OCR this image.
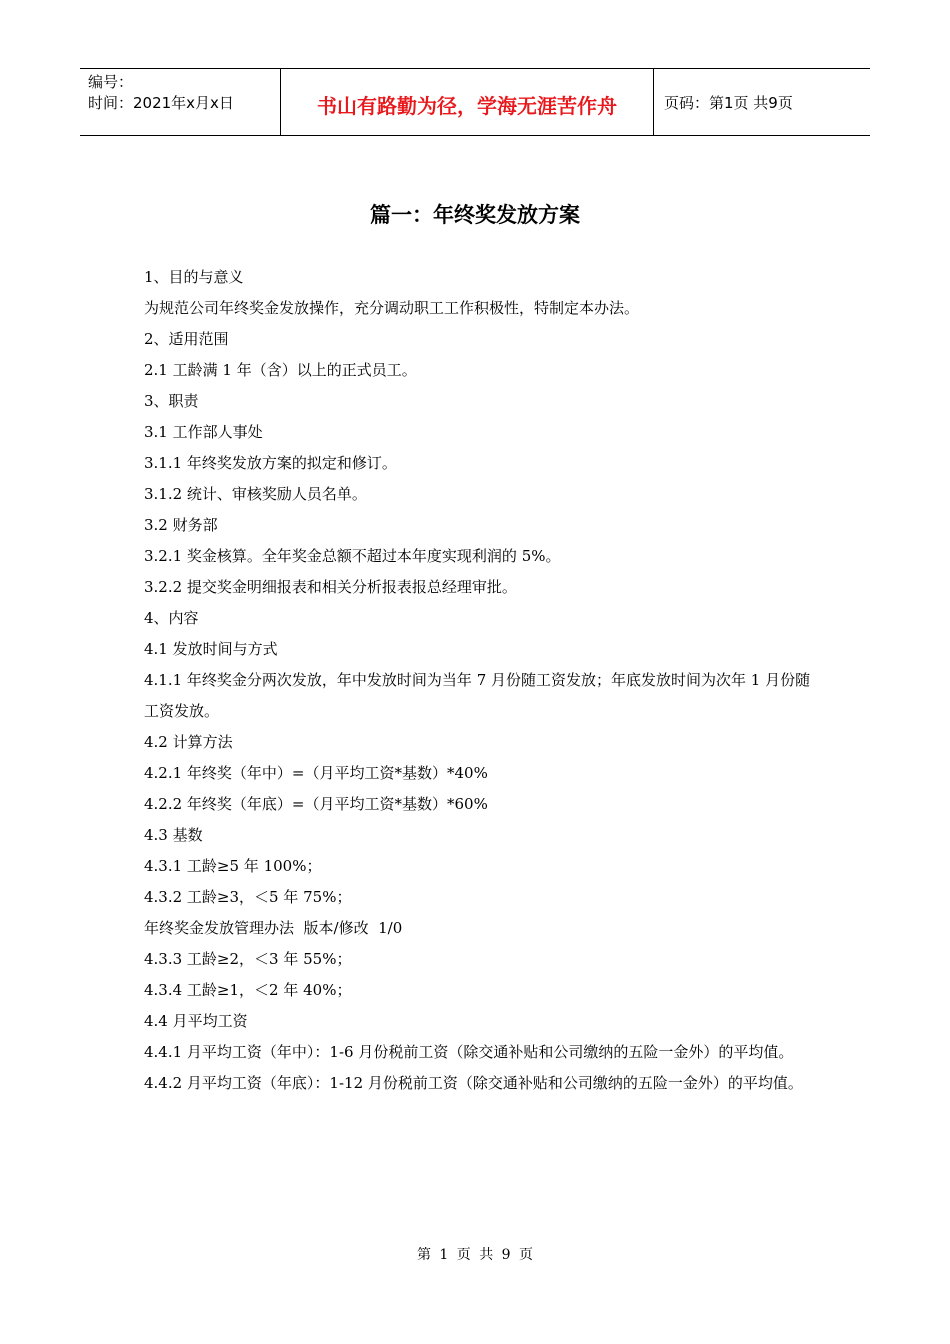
编号：
时间：2021年x月x日	书山有路勤为径，学海无涯苦作舟	页码：第1页 共9页
篇一：年终奖发放方案

1、目的与意义

为规范公司年终奖金发放操作，充分调动职工工作积极性，特制定本办法。

2、适用范围

2.1 工龄满 1 年（含）以上的正式员工。

3、职责

3.1 工作部人事处

3.1.1 年终奖发放方案的拟定和修订。

3.1.2 统计、审核奖励人员名单。

3.2 财务部

3.2.1 奖金核算。全年奖金总额不超过本年度实现利润的 5%。

3.2.2 提交奖金明细报表和相关分析报表报总经理审批。

4、内容

4.1 发放时间与方式

4.1.1 年终奖金分两次发放，年中发放时间为当年 7 月份随工资发放；年底发放时间为次年 1 月份随工资发放。

4.2 计算方法

4.2.1 年终奖（年中）=（月平均工资*基数）*40%

4.2.2 年终奖（年底）=（月平均工资*基数）*60%

4.3 基数

4.3.1 工龄≥5 年 100%；

4.3.2 工龄≥3，＜5 年 75%；

年终奖金发放管理办法  版本/修改  1/0

4.3.3 工龄≥2，＜3 年 55%；

4.3.4 工龄≥1，＜2 年 40%；

4.4 月平均工资

4.4.1 月平均工资（年中）：1-6 月份税前工资（除交通补贴和公司缴纳的五险一金外）的平均值。

4.4.2 月平均工资（年底）：1-12 月份税前工资（除交通补贴和公司缴纳的五险一金外）的平均值。

第 1 页 共 9 页
